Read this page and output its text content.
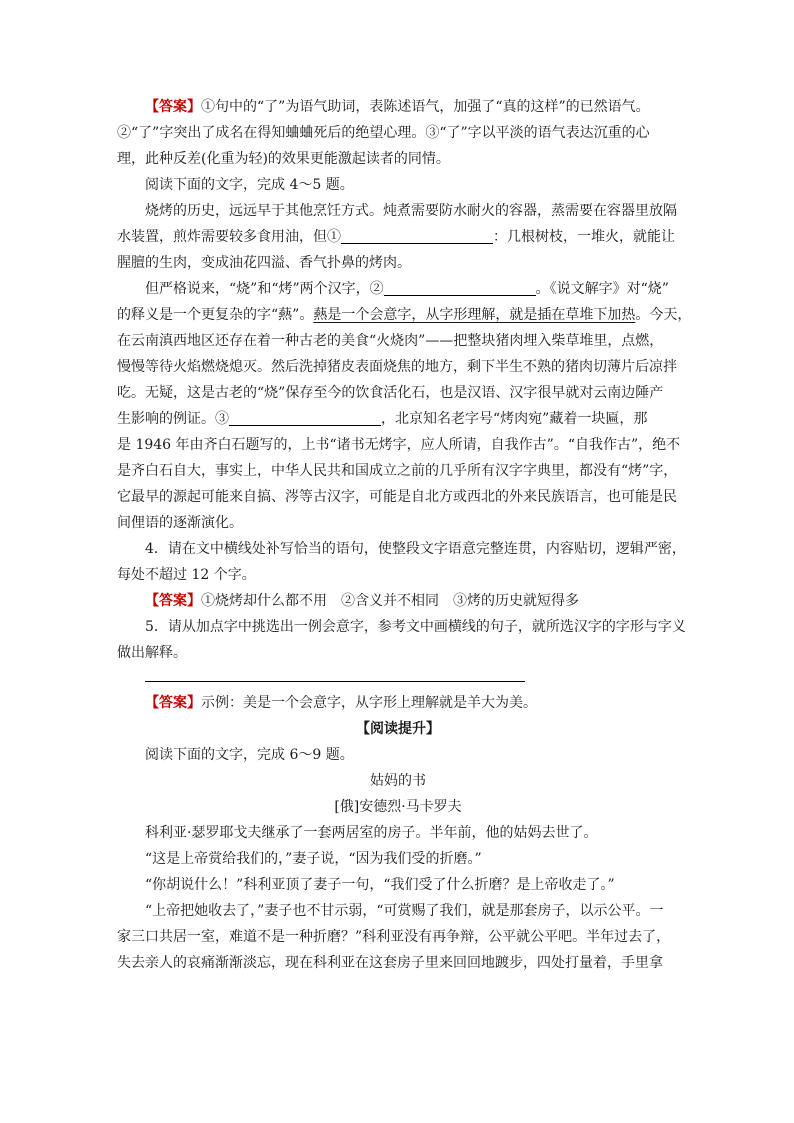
【答案】①句中的“了”为语气助词，表陈述语气，加强了“真的这样”的已然语气。
②“了”字突出了成名在得知蛐蛐死后的绝望心理。③“了”字以平淡的语气表达沉重的心
理，此种反差(化重为轻)的效果更能激起读者的同情。
阅读下面的文字，完成 4～5 题。
烧烤的历史，远远早于其他烹饪方式。炖煮需要防水耐火的容器，蒸需要在容器里放隔
水装置，煎炸需要较多食用油，但①	：几根树枝，一堆火，就能让
腥膻的生肉，变成油花四溢、香气扑鼻的烤肉。
但严格说来，“烧”和“烤”两个汉字，②	。《说文解字》对“烧”
的释义是一个更复杂的字“爇”。爇是一个会意字，从字形理解，就是插在草堆下加热。今天，
在云南滇西地区还存在着一种古老的美食“火烧肉”——把整块猪肉埋入柴草堆里，点燃，
慢慢等待火焰燃烧熄灭。然后洗掉猪皮表面烧焦的地方，剩下半生不熟的猪肉切薄片后凉拌
吃。无疑，这是古老的“烧”保存至今的饮食活化石，也是汉语、汉字很早就对云南边陲产
生影响的例证。③	，北京知名老字号“烤肉宛”藏着一块匾，那
是 1946 年由齐白石题写的，上书“诸书无烤字，应人所请，自我作古”。“自我作古”，绝不
是齐白石自大，事实上，中华人民共和国成立之前的几乎所有汉字字典里，都没有“烤”字，
它最早的源起可能来自搞、涔等古汉字，可能是自北方或西北的外来民族语言，也可能是民
间俚语的逐渐演化。
4．请在文中横线处补写恰当的语句，使整段文字语意完整连贯，内容贴切，逻辑严密，
每处不超过 12 个字。
【答案】①烧烤却什么都不用　②含义并不相同　③烤的历史就短得多
5．请从加点字中挑选出一例会意字，参考文中画横线的句子，就所选汉字的字形与字义
做出解释。
【答案】示例：美是一个会意字，从字形上理解就是羊大为美。
【阅读提升】
阅读下面的文字，完成 6～9 题。
姑妈的书
[俄]安德烈·马卡罗夫
科利亚·瑟罗耶戈夫继承了一套两居室的房子。半年前，他的姑妈去世了。
“这是上帝赏给我们的，”妻子说，“因为我们受的折磨。”
“你胡说什么！”科利亚顶了妻子一句，“我们受了什么折磨？是上帝收走了。”
“上帝把她收去了，”妻子也不甘示弱，“可赏赐了我们，就是那套房子，以示公平。一
家三口共居一室，难道不是一种折磨？”科利亚没有再争辩，公平就公平吧。半年过去了，
失去亲人的哀痛渐渐淡忘，现在科利亚在这套房子里来回回地踱步，四处打量着，手里拿
